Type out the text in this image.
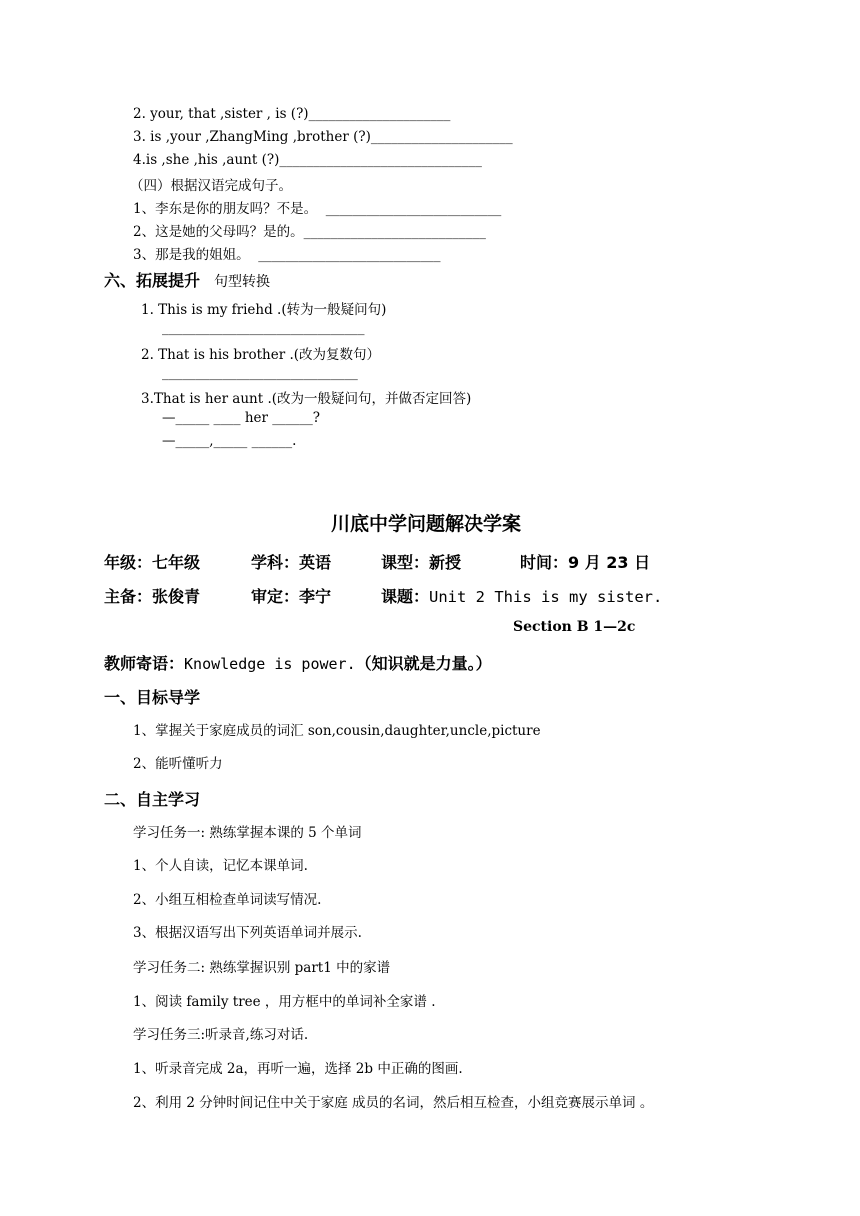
2. your, that ,sister , is (?)_____________________
3. is ,your ,ZhangMing ,brother (?)_____________________
4.is ,she ,his ,aunt (?)______________________________
（四）根据汉语完成句子。
1、李东是你的朋友吗？不是。  __________________________
2、这是她的父母吗？是的。___________________________
3、那是我的姐姐。  ___________________________
六、拓展提升 句型转换
1. This is my friehd .(转为一般疑问句)
______________________________
2. That is his brother .(改为复数句）
_____________________________
3.That is her aunt .(改为一般疑问句，并做否定回答)
—_____ ____ her ______?
—_____,_____ ______.
川底中学问题解决学案
年级：七年级	学科：英语	课型：新授	时间：9 月 23 日
主备：张俊青	审定：李宁	课题：Unit 2 This is my sister.
Section B 1—2c
教师寄语：Knowledge is power.（知识就是力量。）
一、目标导学
1、掌握关于家庭成员的词汇 son,cousin,daughter,uncle,picture
2、能听懂听力
二、自主学习
学习任务一: 熟练掌握本课的 5 个单词
1、个人自读，记忆本课单词.
2、小组互相检查单词读写情况.
3、根据汉语写出下列英语单词并展示.
学习任务二: 熟练掌握识别 part1 中的家谱
1、阅读 family tree ，用方框中的单词补全家谱 .
学习任务三:听录音,练习对话.
1、听录音完成 2a，再听一遍，选择 2b 中正确的图画.
2、利用 2 分钟时间记住中关于家庭 成员的名词，然后相互检查，小组竞赛展示单词 。
